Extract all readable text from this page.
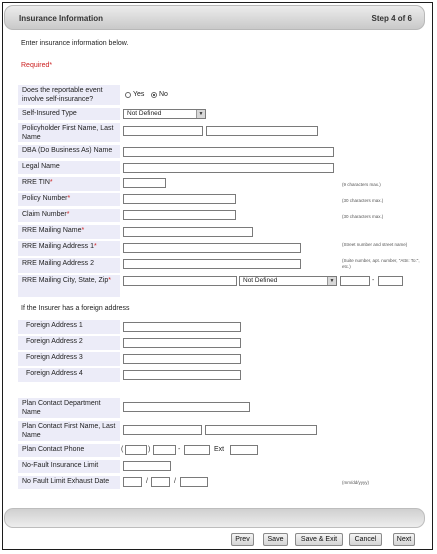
Insurance Information	Step 4 of 6
Enter insurance information below.
Required*
Does the reportable event involve self-insurance?
Yes No
Self-Insured Type	Not Defined	▼
Policyholder First Name, Last Name
DBA (Do Business As) Name
Legal Name
RRE TIN*	(9 characters max.)
Policy Number*	(30 characters max.)
Claim Number*	(30 characters max.)
RRE Mailing Name*
RRE Mailing Address 1*	(Street number and street name)
RRE Mailing Address 2	(Suite number, apt. number, "Attn: To:", etc.)
RRE Mailing City, State, Zip*	Not Defined	▼	-
If the Insurer has a foreign address
Foreign Address 1
Foreign Address 2
Foreign Address 3
Foreign Address 4
Plan Contact Department Name
Plan Contact First Name, Last Name
Plan Contact Phone	(	)	-	Ext
No-Fault Insurance Limit
No Fault Limit Exhaust Date	/	/	(mm/dd/yyyy)
Prev	Save	Save & Exit	Cancel	Next
